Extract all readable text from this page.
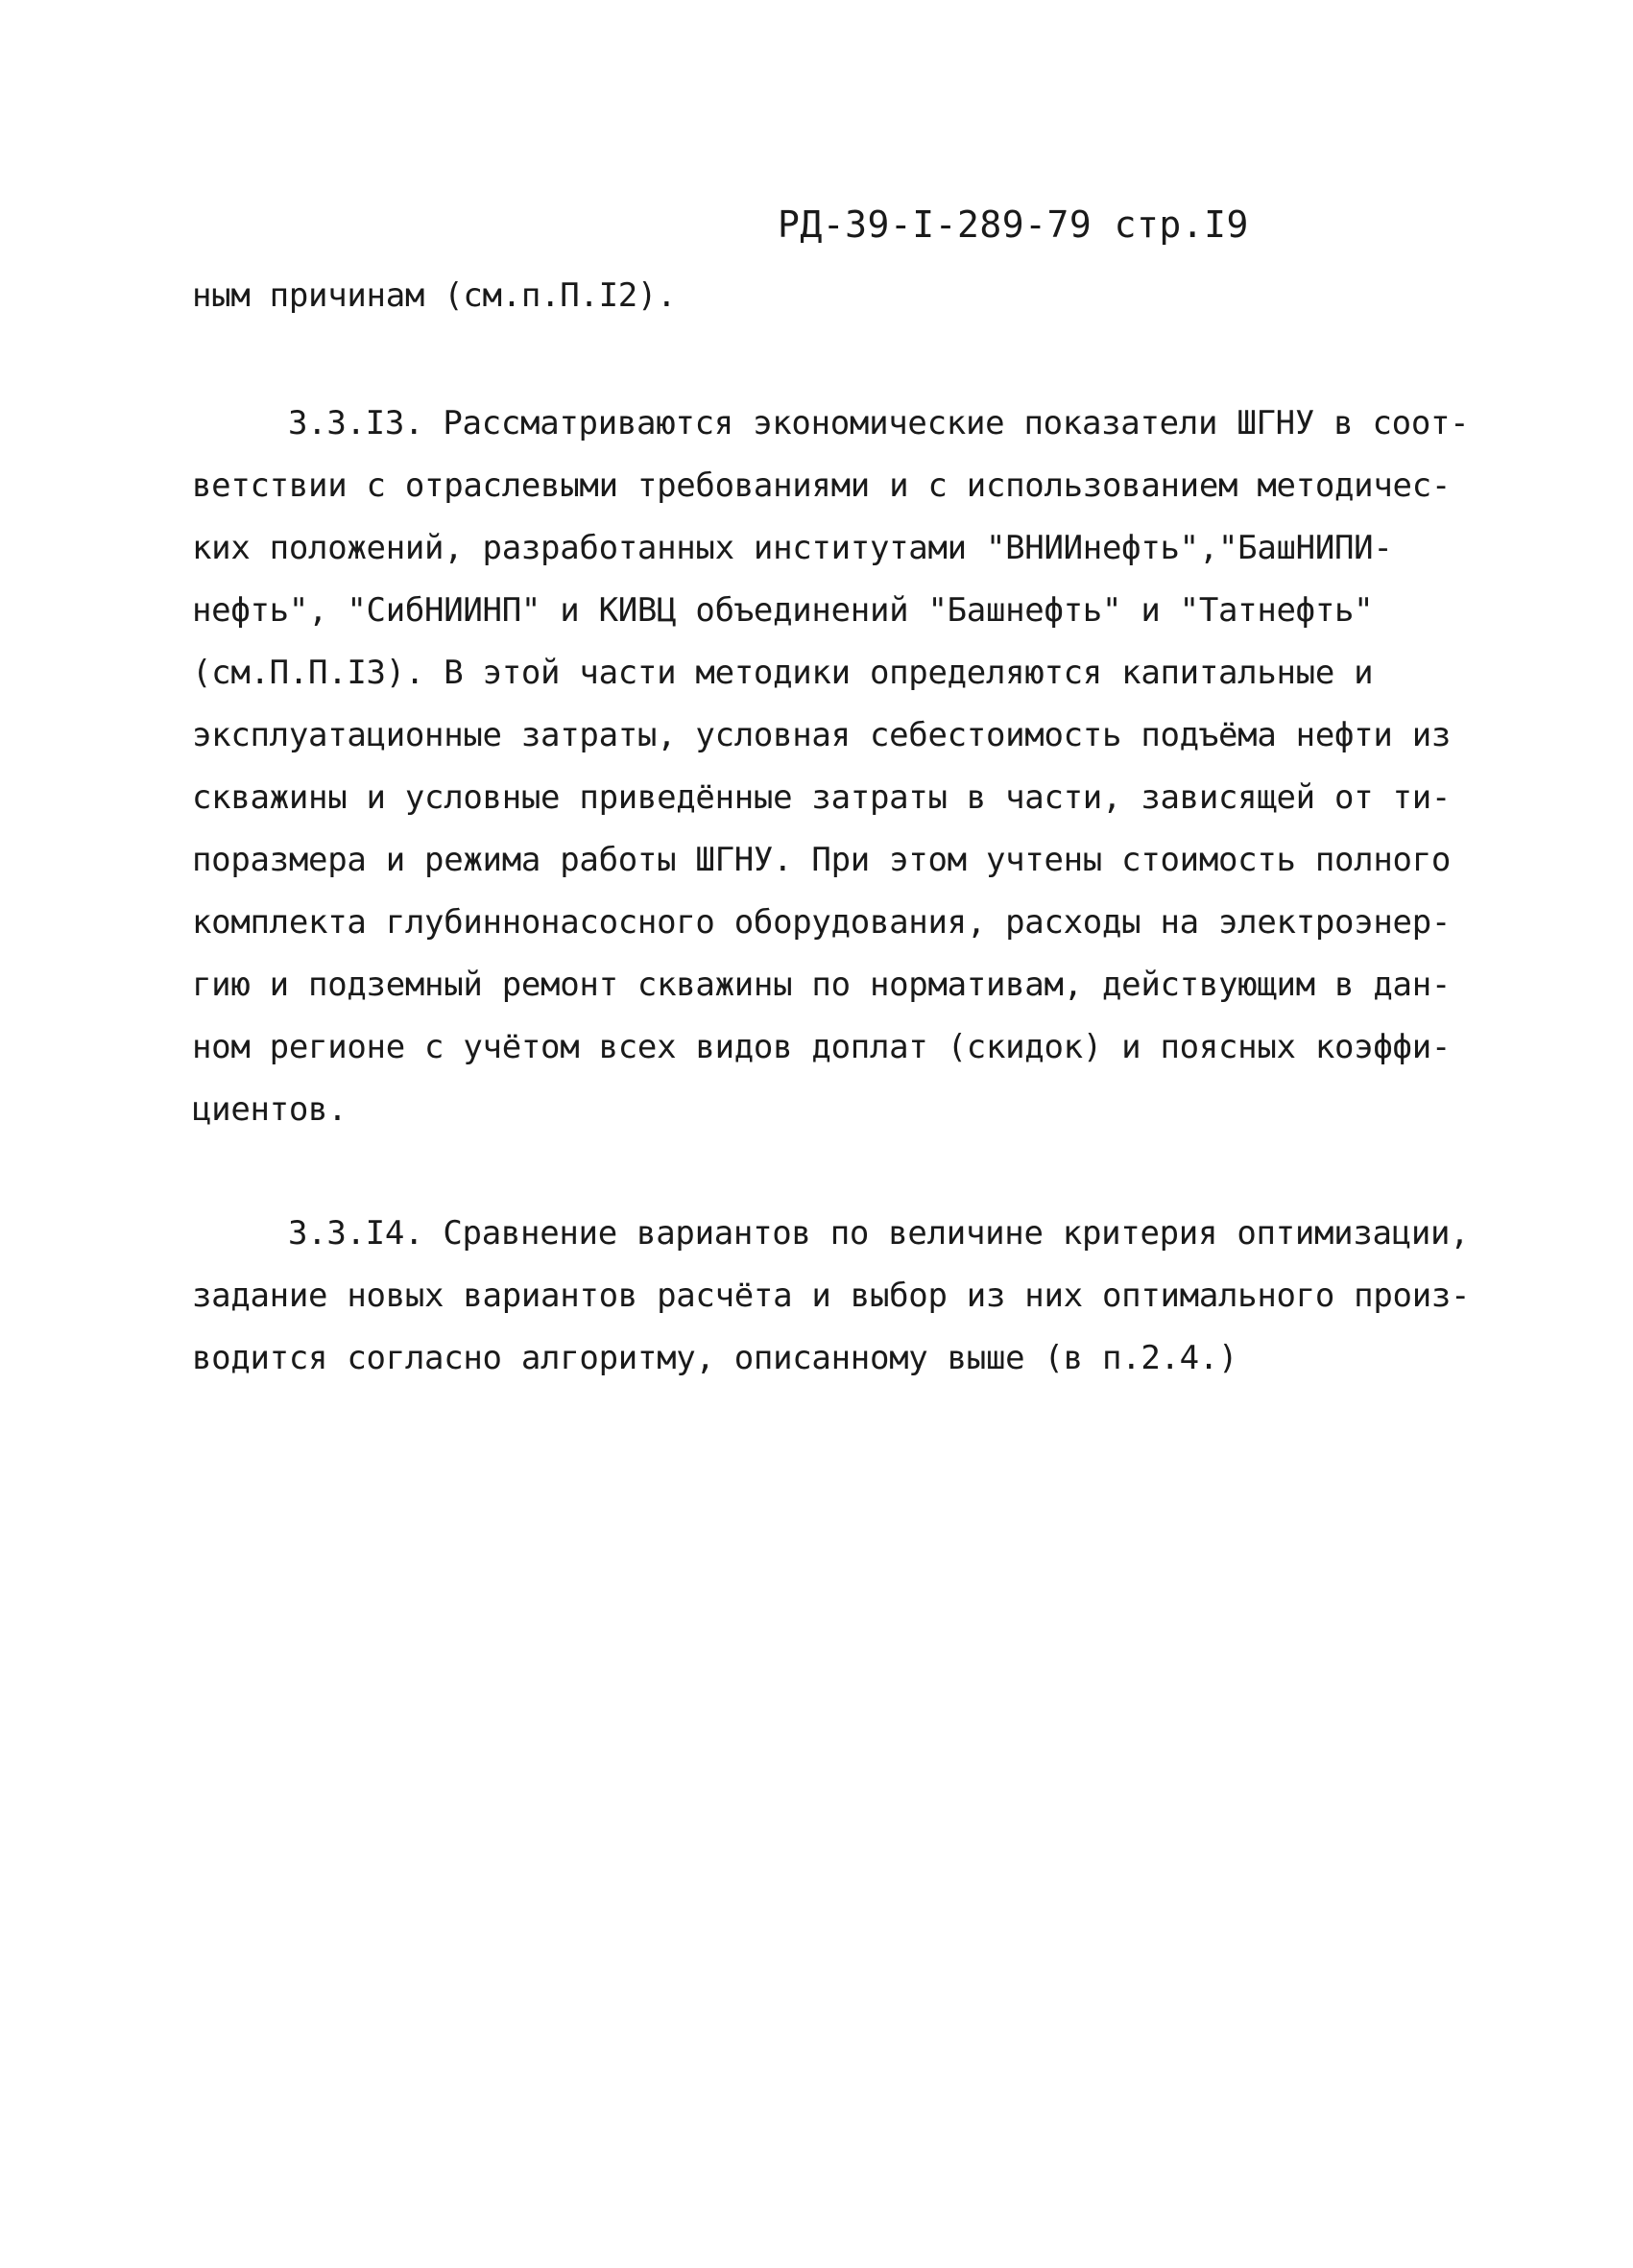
РД-39-I-289-79 стр.I9
ным причинам (см.п.П.I2).
3.3.I3. Рассматриваются экономические показатели ШГНУ в соот-
ветствии с отраслевыми требованиями и с использованием методичес-
ких положений, разработанных институтами "ВНИИнефть","БашНИПИ-
нефть", "СибНИИНП" и КИВЦ объединений "Башнефть" и "Татнефть"
(см.П.П.I3). В этой части методики определяются капитальные и
эксплуатационные затраты, условная себестоимость подъёма нефти из
скважины и условные приведённые затраты в части, зависящей от ти-
поразмера и режима работы ШГНУ. При этом учтены стоимость полного
комплекта глубиннонасосного оборудования, расходы на электроэнер-
гию и подземный ремонт скважины по нормативам, действующим в дан-
ном регионе с учётом всех видов доплат (скидок) и поясных коэффи-
циентов.
3.3.I4. Сравнение вариантов по величине критерия оптимизации,
задание новых вариантов расчёта и выбор из них оптимального произ-
водится согласно алгоритму, описанному выше (в п.2.4.)
